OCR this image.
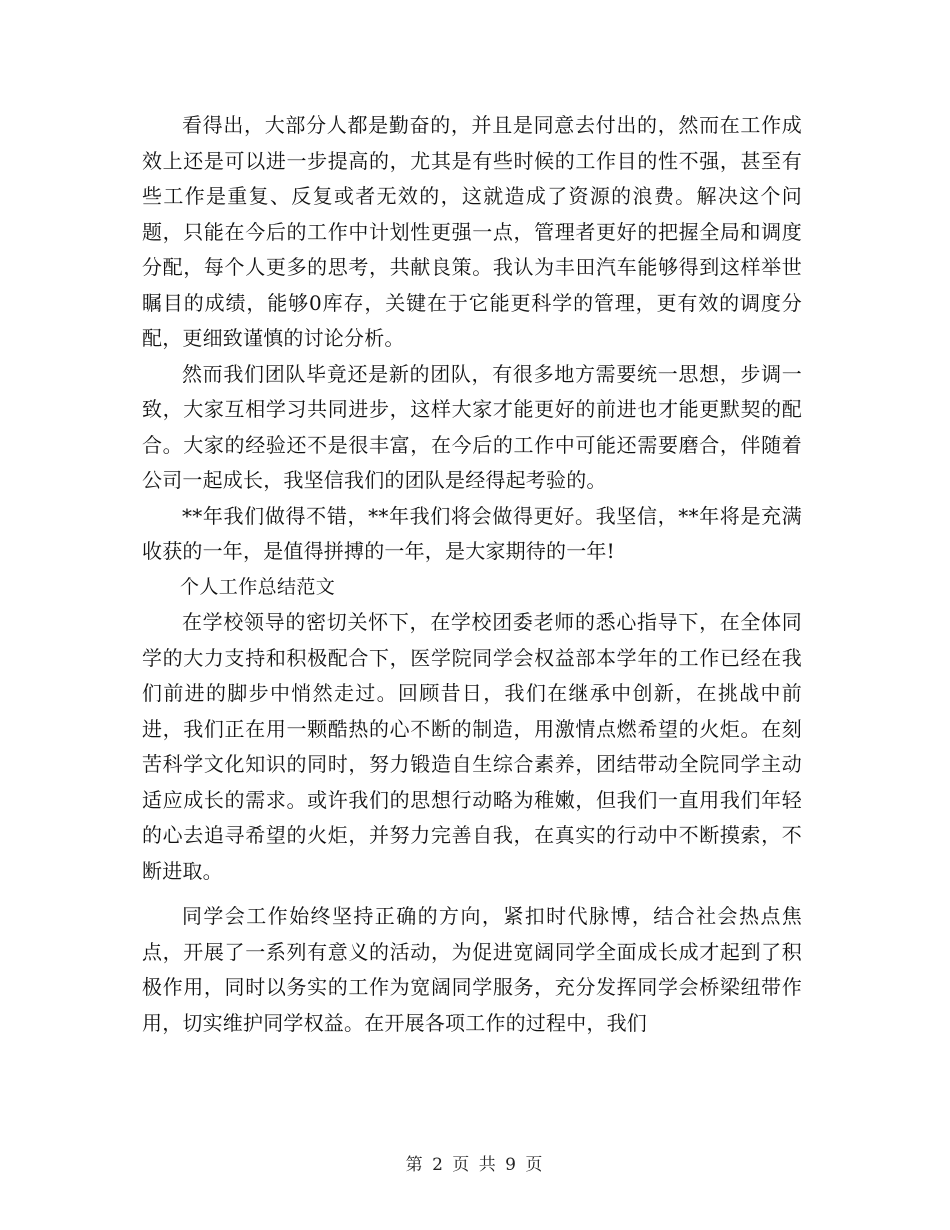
看得出，大部分人都是勤奋的，并且是同意去付出的，然而在工作成效上还是可以进一步提高的，尤其是有些时候的工作目的性不强，甚至有些工作是重复、反复或者无效的，这就造成了资源的浪费。解决这个问题，只能在今后的工作中计划性更强一点，管理者更好的把握全局和调度分配，每个人更多的思考，共献良策。我认为丰田汽车能够得到这样举世瞩目的成绩，能够0库存，关键在于它能更科学的管理，更有效的调度分配，更细致谨慎的讨论分析。

然而我们团队毕竟还是新的团队，有很多地方需要统一思想，步调一致，大家互相学习共同进步，这样大家才能更好的前进也才能更默契的配合。大家的经验还不是很丰富，在今后的工作中可能还需要磨合，伴随着公司一起成长，我坚信我们的团队是经得起考验的。

**年我们做得不错，**年我们将会做得更好。我坚信，**年将是充满收获的一年，是值得拼搏的一年，是大家期待的一年!

个人工作总结范文

在学校领导的密切关怀下，在学校团委老师的悉心指导下，在全体同学的大力支持和积极配合下，医学院同学会权益部本学年的工作已经在我们前进的脚步中悄然走过。回顾昔日，我们在继承中创新，在挑战中前进，我们正在用一颗酷热的心不断的制造，用激情点燃希望的火炬。在刻苦科学文化知识的同时，努力锻造自生综合素养，团结带动全院同学主动适应成长的需求。或许我们的思想行动略为稚嫩，但我们一直用我们年轻的心去追寻希望的火炬，并努力完善自我，在真实的行动中不断摸索，不断进取。

同学会工作始终坚持正确的方向，紧扣时代脉博，结合社会热点焦点，开展了一系列有意义的活动，为促进宽阔同学全面成长成才起到了积极作用，同时以务实的工作为宽阔同学服务，充分发挥同学会桥梁纽带作用，切实维护同学权益。在开展各项工作的过程中，我们

第 2 页 共 9 页
